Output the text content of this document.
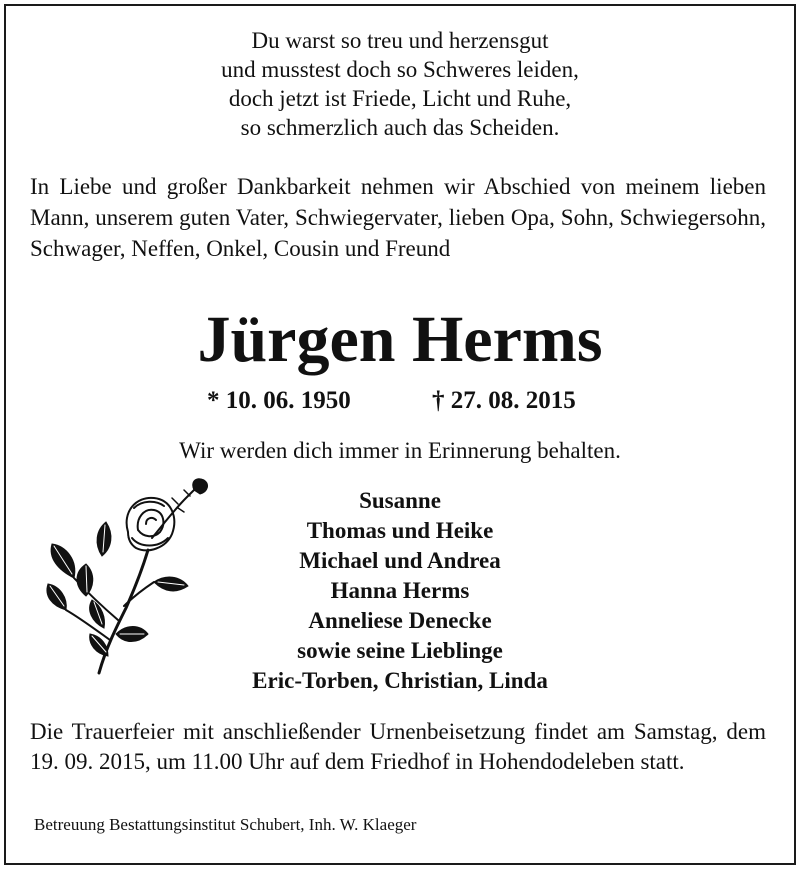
Du warst so treu und herzensgut
und musstest doch so Schweres leiden,
doch jetzt ist Friede, Licht und Ruhe,
so schmerzlich auch das Scheiden.
In Liebe und großer Dankbarkeit nehmen wir Abschied von meinem lieben Mann, unserem guten Vater, Schwiegervater, lieben Opa, Sohn, Schwiegersohn, Schwager, Neffen, Onkel, Cousin und Freund
Jürgen Herms
* 10. 06. 1950	† 27. 08. 2015
Wir werden dich immer in Erinnerung behalten.
Susanne
Thomas und Heike
Michael und Andrea
Hanna Herms
Anneliese Denecke
sowie seine Lieblinge
Eric-Torben, Christian, Linda
Die Trauerfeier mit anschließender Urnenbeisetzung findet am Samstag, dem 19. 09. 2015, um 11.00 Uhr auf dem Friedhof in Hohendodeleben statt.
Betreuung Bestattungsinstitut Schubert, Inh. W. Klaeger
